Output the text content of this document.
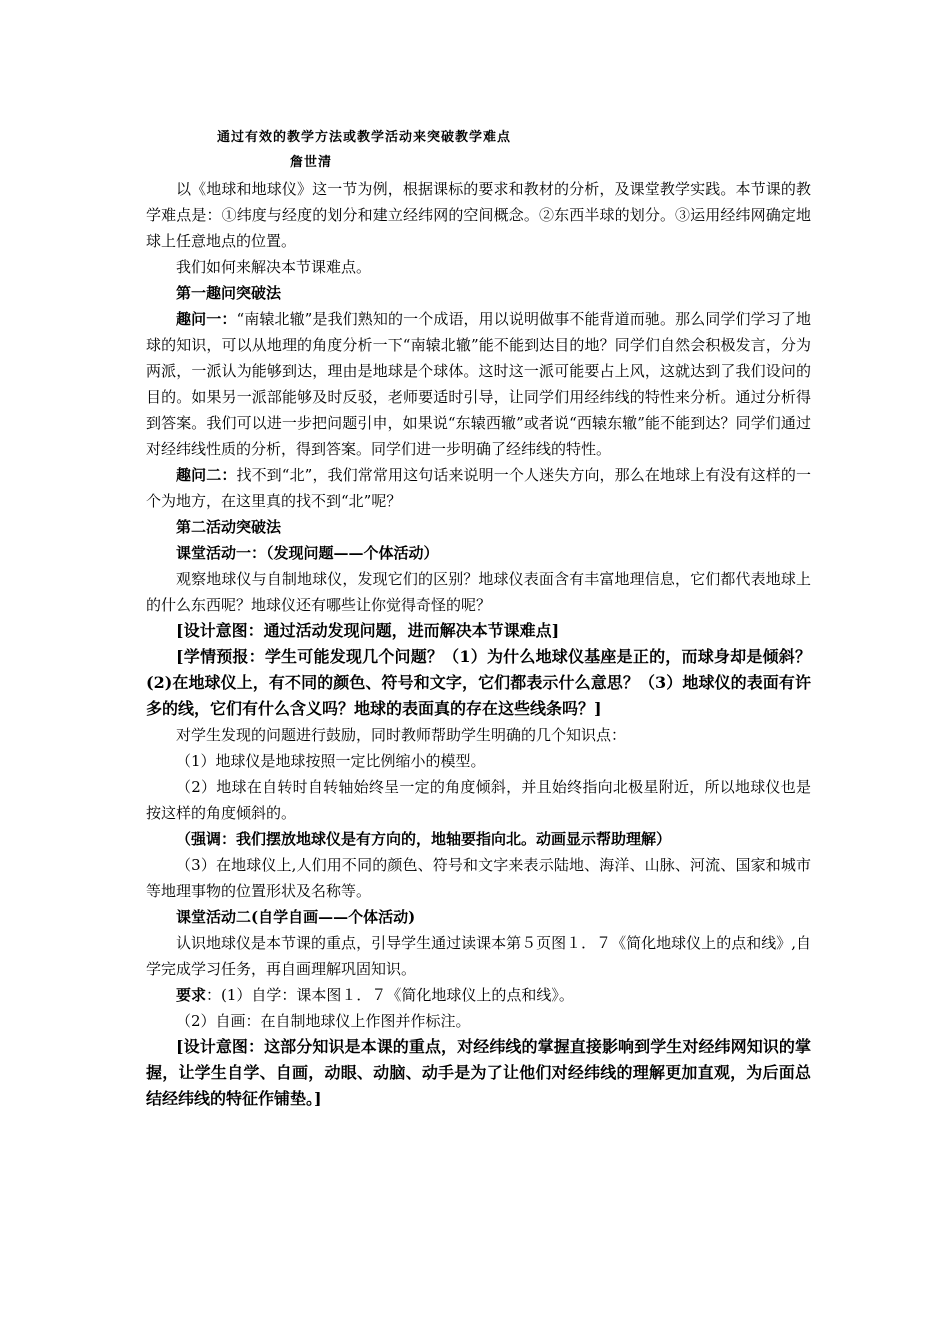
通过有效的教学方法或教学活动来突破教学难点
詹世清

以《地球和地球仪》这一节为例，根据课标的要求和教材的分析，及课堂教学实践。本节课的教学难点是：①纬度与经度的划分和建立经纬网的空间概念。②东西半球的划分。③运用经纬网确定地球上任意地点的位置。

我们如何来解决本节课难点。

第一趣问突破法

趣问一：“南辕北辙”是我们熟知的一个成语，用以说明做事不能背道而驰。那么同学们学习了地球的知识，可以从地理的角度分析一下“南辕北辙”能不能到达目的地？同学们自然会积极发言，分为两派，一派认为能够到达，理由是地球是个球体。这时这一派可能要占上风，这就达到了我们设问的目的。如果另一派部能够及时反驳，老师要适时引导，让同学们用经纬线的特性来分析。通过分析得到答案。我们可以进一步把问题引申，如果说“东辕西辙”或者说“西辕东辙”能不能到达？同学们通过对经纬线性质的分析，得到答案。同学们进一步明确了经纬线的特性。

趣问二：找不到“北”，我们常常用这句话来说明一个人迷失方向，那么在地球上有没有这样的一个为地方，在这里真的找不到“北”呢？

第二活动突破法

课堂活动一：（发现问题——个体活动）

观察地球仪与自制地球仪，发现它们的区别？地球仪表面含有丰富地理信息，它们都代表地球上的什么东西呢？地球仪还有哪些让你觉得奇怪的呢？

[设计意图：通过活动发现问题，进而解决本节课难点]

[学情预报：学生可能发现几个问题？（1）为什么地球仪基座是正的，而球身却是倾斜？(2)在地球仪上，有不同的颜色、符号和文字，它们都表示什么意思？（3）地球仪的表面有许多的线，它们有什么含义吗？地球的表面真的存在这些线条吗？]

对学生发现的问题进行鼓励，同时教师帮助学生明确的几个知识点：

（1）地球仪是地球按照一定比例缩小的模型。

（2）地球在自转时自转轴始终呈一定的角度倾斜，并且始终指向北极星附近，所以地球仪也是按这样的角度倾斜的。

（强调：我们摆放地球仪是有方向的，地轴要指向北。动画显示帮助理解）

（3）在地球仪上,人们用不同的颜色、符号和文字来表示陆地、海洋、山脉、河流、国家和城市等地理事物的位置形状及名称等。

课堂活动二(自学自画——个体活动)

认识地球仪是本节课的重点，引导学生通过读课本第５页图１．７《简化地球仪上的点和线》,自学完成学习任务，再自画理解巩固知识。

要求：(1）自学：课本图１．７《简化地球仪上的点和线》。

（2）自画：在自制地球仪上作图并作标注。

[设计意图：这部分知识是本课的重点，对经纬线的掌握直接影响到学生对经纬网知识的掌握，让学生自学、自画，动眼、动脑、动手是为了让他们对经纬线的理解更加直观，为后面总结经纬线的特征作铺垫。]
